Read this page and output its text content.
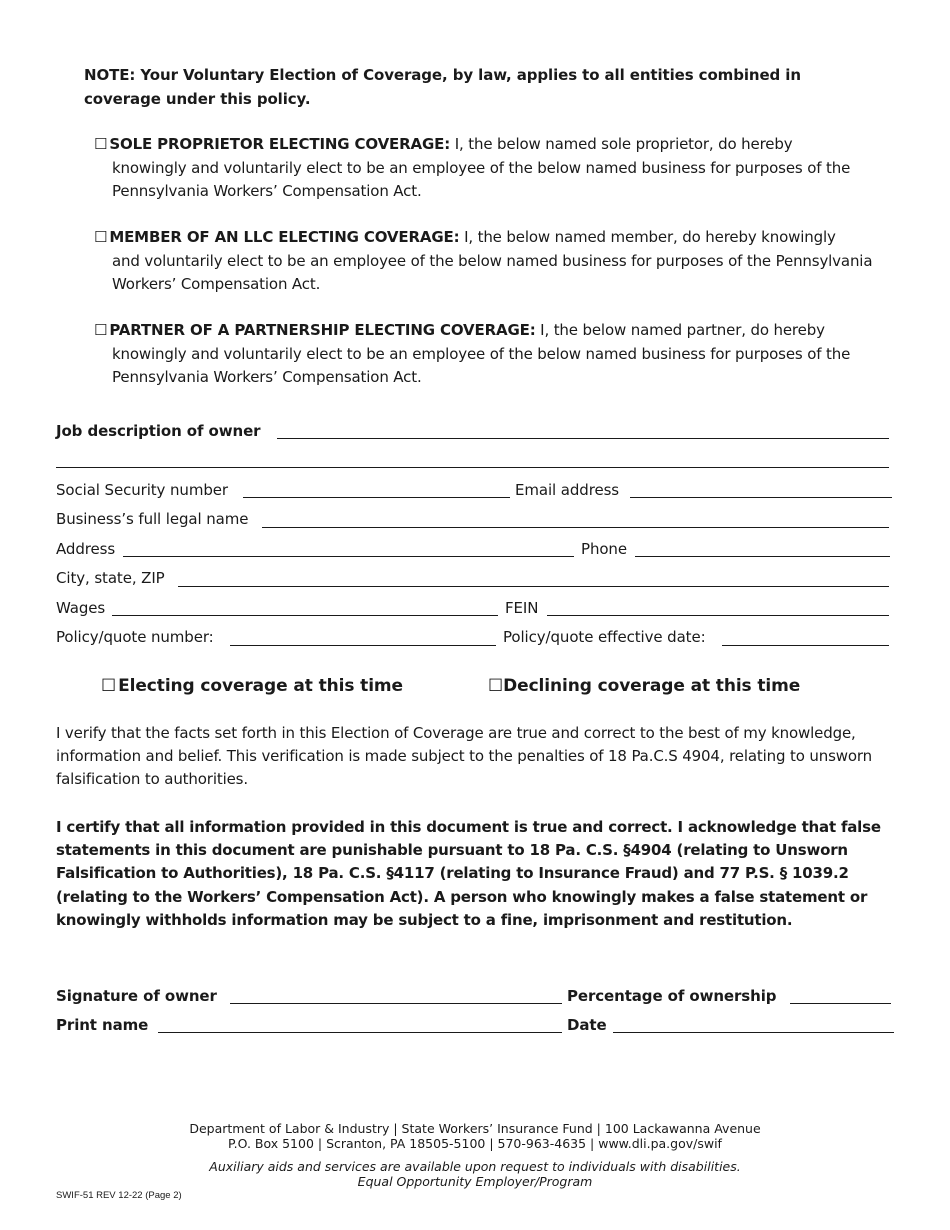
NOTE: Your Voluntary Election of Coverage, by law, applies to all entities combined in coverage under this policy.
☐ SOLE PROPRIETOR ELECTING COVERAGE: I, the below named sole proprietor, do hereby
knowingly and voluntarily elect to be an employee of the below named business for purposes of the Pennsylvania Workers’ Compensation Act.
☐ MEMBER OF AN LLC ELECTING COVERAGE: I, the below named member, do hereby knowingly
and voluntarily elect to be an employee of the below named business for purposes of the Pennsylvania Workers’ Compensation Act.
☐ PARTNER OF A PARTNERSHIP ELECTING COVERAGE: I, the below named partner, do hereby
knowingly and voluntarily elect to be an employee of the below named business for purposes of the Pennsylvania Workers’ Compensation Act.
Job description of owner
Social Security number	Email address
Business’s full legal name
Address	Phone
City, state, ZIP
Wages	FEIN
Policy/quote number:	Policy/quote effective date:
☐ Electing coverage at this time	☐Declining coverage at this time
I verify that the facts set forth in this Election of Coverage are true and correct to the best of my knowledge, information and belief. This verification is made subject to the penalties of 18 Pa.C.S 4904, relating to unsworn falsification to authorities.
I certify that all information provided in this document is true and correct. I acknowledge that false statements in this document are punishable pursuant to 18 Pa. C.S. §4904 (relating to Unsworn Falsification to Authorities), 18 Pa. C.S. §4117 (relating to Insurance Fraud) and 77 P.S. § 1039.2 (relating to the Workers’ Compensation Act). A person who knowingly makes a false statement or knowingly withholds information may be subject to a fine, imprisonment and restitution.
Signature of owner	Percentage of ownership
Print name	Date
Department of Labor & Industry | State Workers’ Insurance Fund | 100 Lackawanna Avenue
P.O. Box 5100 | Scranton, PA 18505-5100 | 570-963-4635 | www.dli.pa.gov/swif
Auxiliary aids and services are available upon request to individuals with disabilities.
Equal Opportunity Employer/Program
SWIF-51 REV 12-22 (Page 2)
